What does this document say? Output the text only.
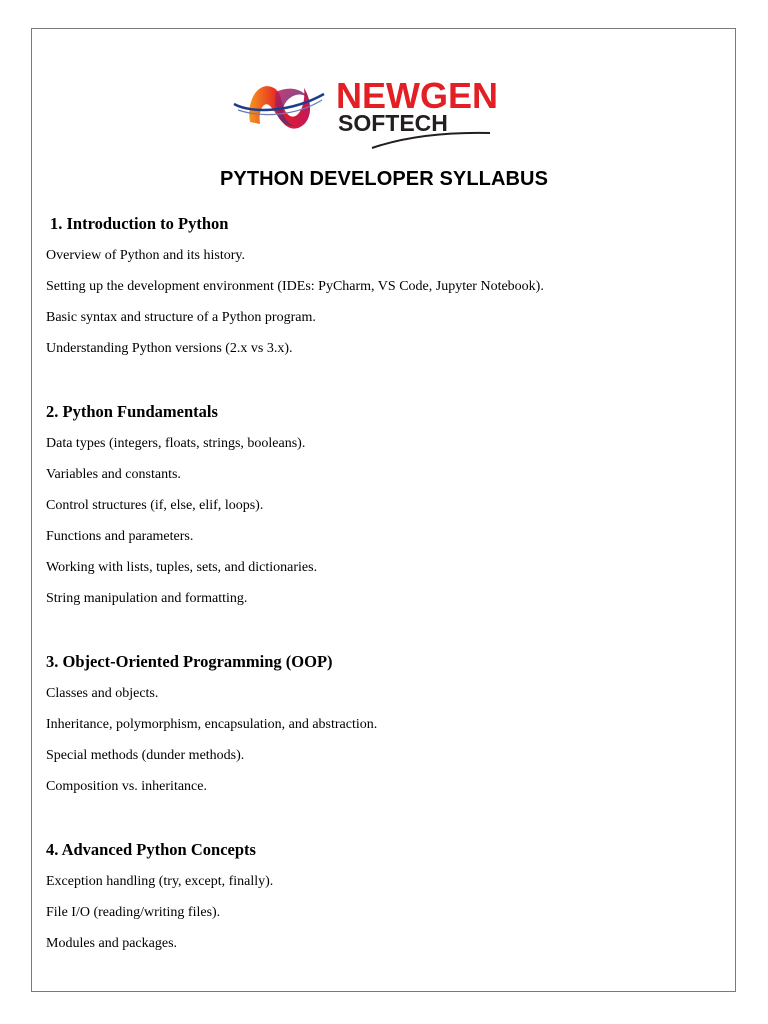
NEWGEN
SOFTECH
PYTHON DEVELOPER SYLLABUS

1. Introduction to Python

Overview of Python and its history.

Setting up the development environment (IDEs: PyCharm, VS Code, Jupyter Notebook).

Basic syntax and structure of a Python program.

Understanding Python versions (2.x vs 3.x).

2. Python Fundamentals

Data types (integers, floats, strings, booleans).

Variables and constants.

Control structures (if, else, elif, loops).

Functions and parameters.

Working with lists, tuples, sets, and dictionaries.

String manipulation and formatting.

3. Object-Oriented Programming (OOP)

Classes and objects.

Inheritance, polymorphism, encapsulation, and abstraction.

Special methods (dunder methods).

Composition vs. inheritance.

4. Advanced Python Concepts

Exception handling (try, except, finally).

File I/O (reading/writing files).

Modules and packages.
